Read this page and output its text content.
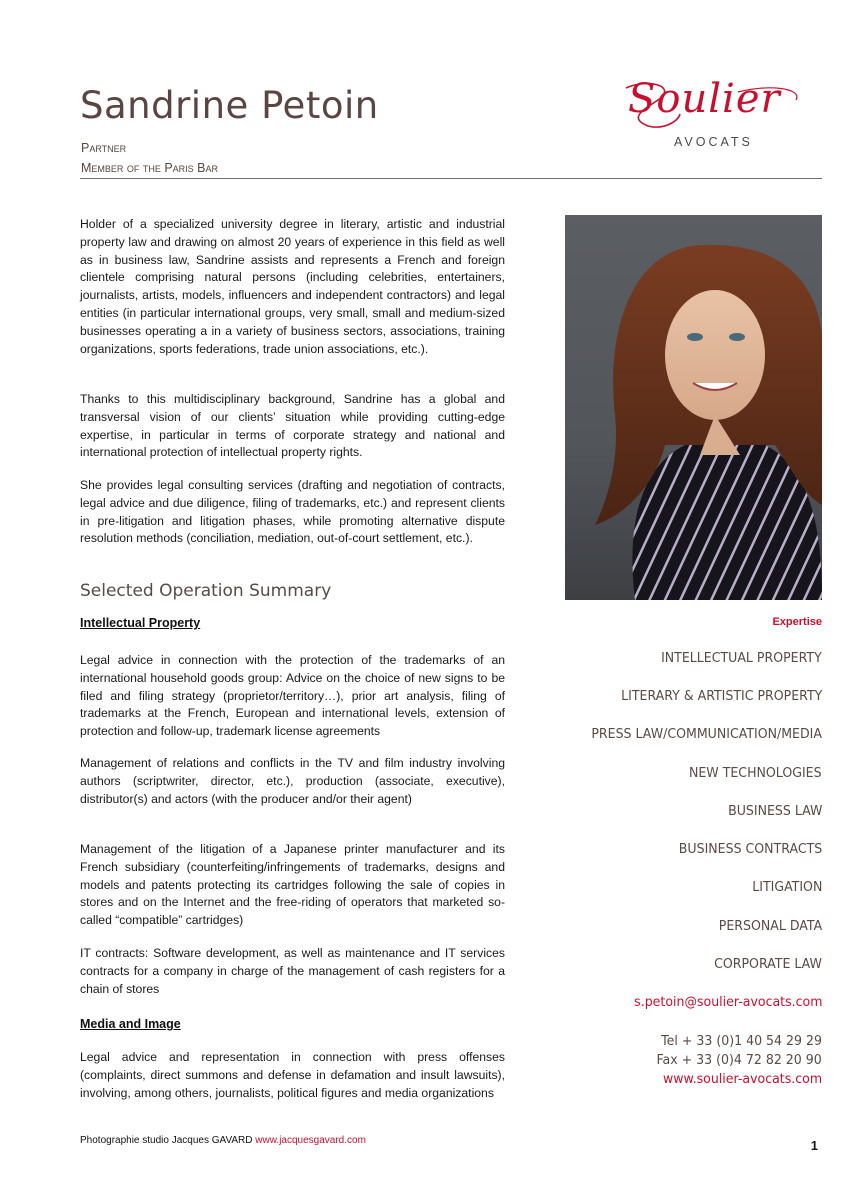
Sandrine Petoin
Partner
Member of the Paris Bar
Soulier
AVOCATS
Holder of a specialized university degree in literary, artistic and industrial property law and drawing on almost 20 years of experience in this field as well as in business law, Sandrine assists and represents a French and foreign clientele comprising natural persons (including celebrities, entertainers, journalists, artists, models, influencers and independent contractors) and legal entities (in particular international groups, very small, small and medium-sized businesses operating a in a variety of business sectors, associations, training organizations, sports federations, trade union associations, etc.).
Thanks to this multidisciplinary background, Sandrine has a global and transversal vision of our clients’ situation while providing cutting-edge expertise, in particular in terms of corporate strategy and national and international protection of intellectual property rights.
She provides legal consulting services (drafting and negotiation of contracts, legal advice and due diligence, filing of trademarks, etc.) and represent clients in pre-litigation and litigation phases, while promoting alternative dispute resolution methods (conciliation, mediation, out-of-court settlement, etc.).
Selected Operation Summary
Intellectual Property
Legal advice in connection with the protection of the trademarks of an international household goods group: Advice on the choice of new signs to be filed and filing strategy (proprietor/territory…), prior art analysis, filing of trademarks at the French, European and international levels, extension of protection and follow-up, trademark license agreements
Management of relations and conflicts in the TV and film industry involving authors (scriptwriter, director, etc.), production (associate, executive), distributor(s) and actors (with the producer and/or their agent)
Management of the litigation of a Japanese printer manufacturer and its French subsidiary (counterfeiting/infringements of trademarks, designs and models and patents protecting its cartridges following the sale of copies in stores and on the Internet and the free-riding of operators that marketed so-called “compatible” cartridges)
IT contracts: Software development, as well as maintenance and IT services contracts for a company in charge of the management of cash registers for a chain of stores
Media and Image
Legal advice and representation in connection with press offenses (complaints, direct summons and defense in defamation and insult lawsuits), involving, among others, journalists, political figures and media organizations
Expertise
INTELLECTUAL PROPERTY
LITERARY & ARTISTIC PROPERTY
PRESS LAW/COMMUNICATION/MEDIA
NEW TECHNOLOGIES
BUSINESS LAW
BUSINESS CONTRACTS
LITIGATION
PERSONAL DATA
CORPORATE LAW
s.petoin@soulier-avocats.com
Tel + 33 (0)1 40 54 29 29
Fax + 33 (0)4 72 82 20 90
www.soulier-avocats.com
Photographie studio Jacques GAVARD www.jacquesgavard.com	1
